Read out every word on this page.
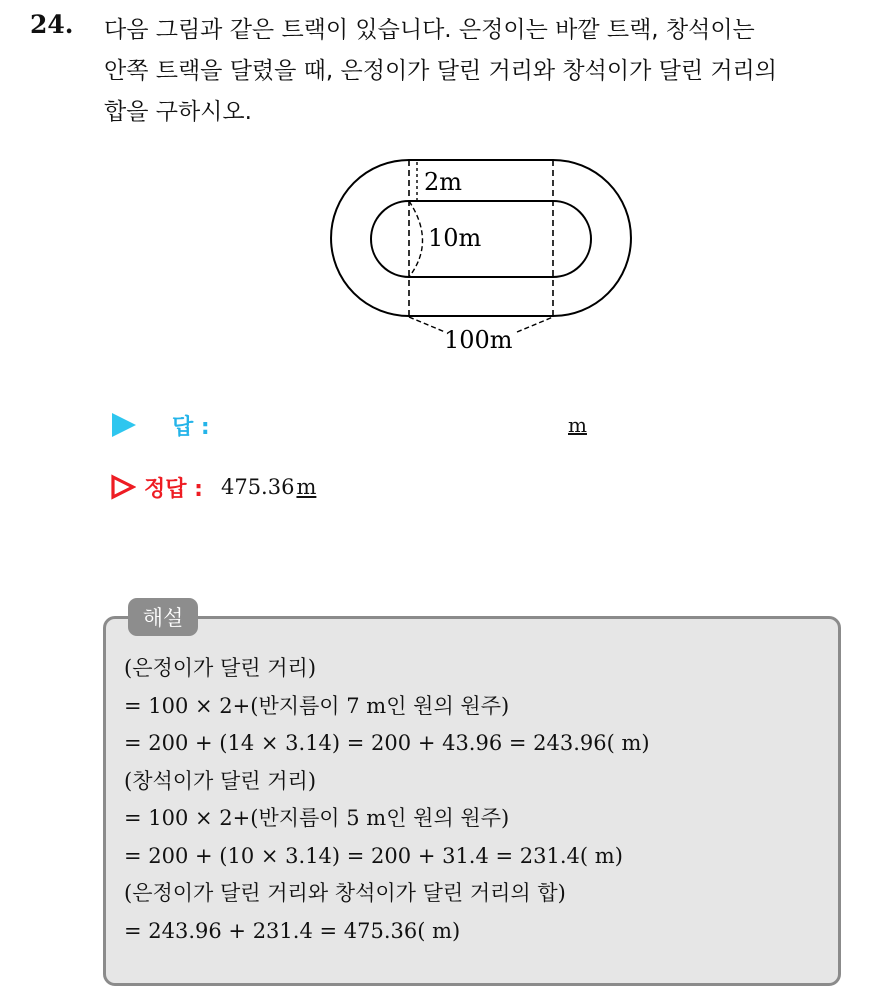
24. 다음 그림과 같은 트랙이 있습니다. 은정이는 바깥 트랙, 창석이는
안쪽 트랙을 달렸을 때, 은정이가 달린 거리와 창석이가 달린 거리의
합을 구하시오.
2m
10m
100m
답 :	m
정답 : 475.36m
해설
(은정이가 달린 거리)
= 100 × 2+(반지름이 7 m인 원의 원주)
= 200 + (14 × 3.14) = 200 + 43.96 = 243.96( m)
(창석이가 달린 거리)
= 100 × 2+(반지름이 5 m인 원의 원주)
= 200 + (10 × 3.14) = 200 + 31.4 = 231.4( m)
(은정이가 달린 거리와 창석이가 달린 거리의 합)
= 243.96 + 231.4 = 475.36( m)
